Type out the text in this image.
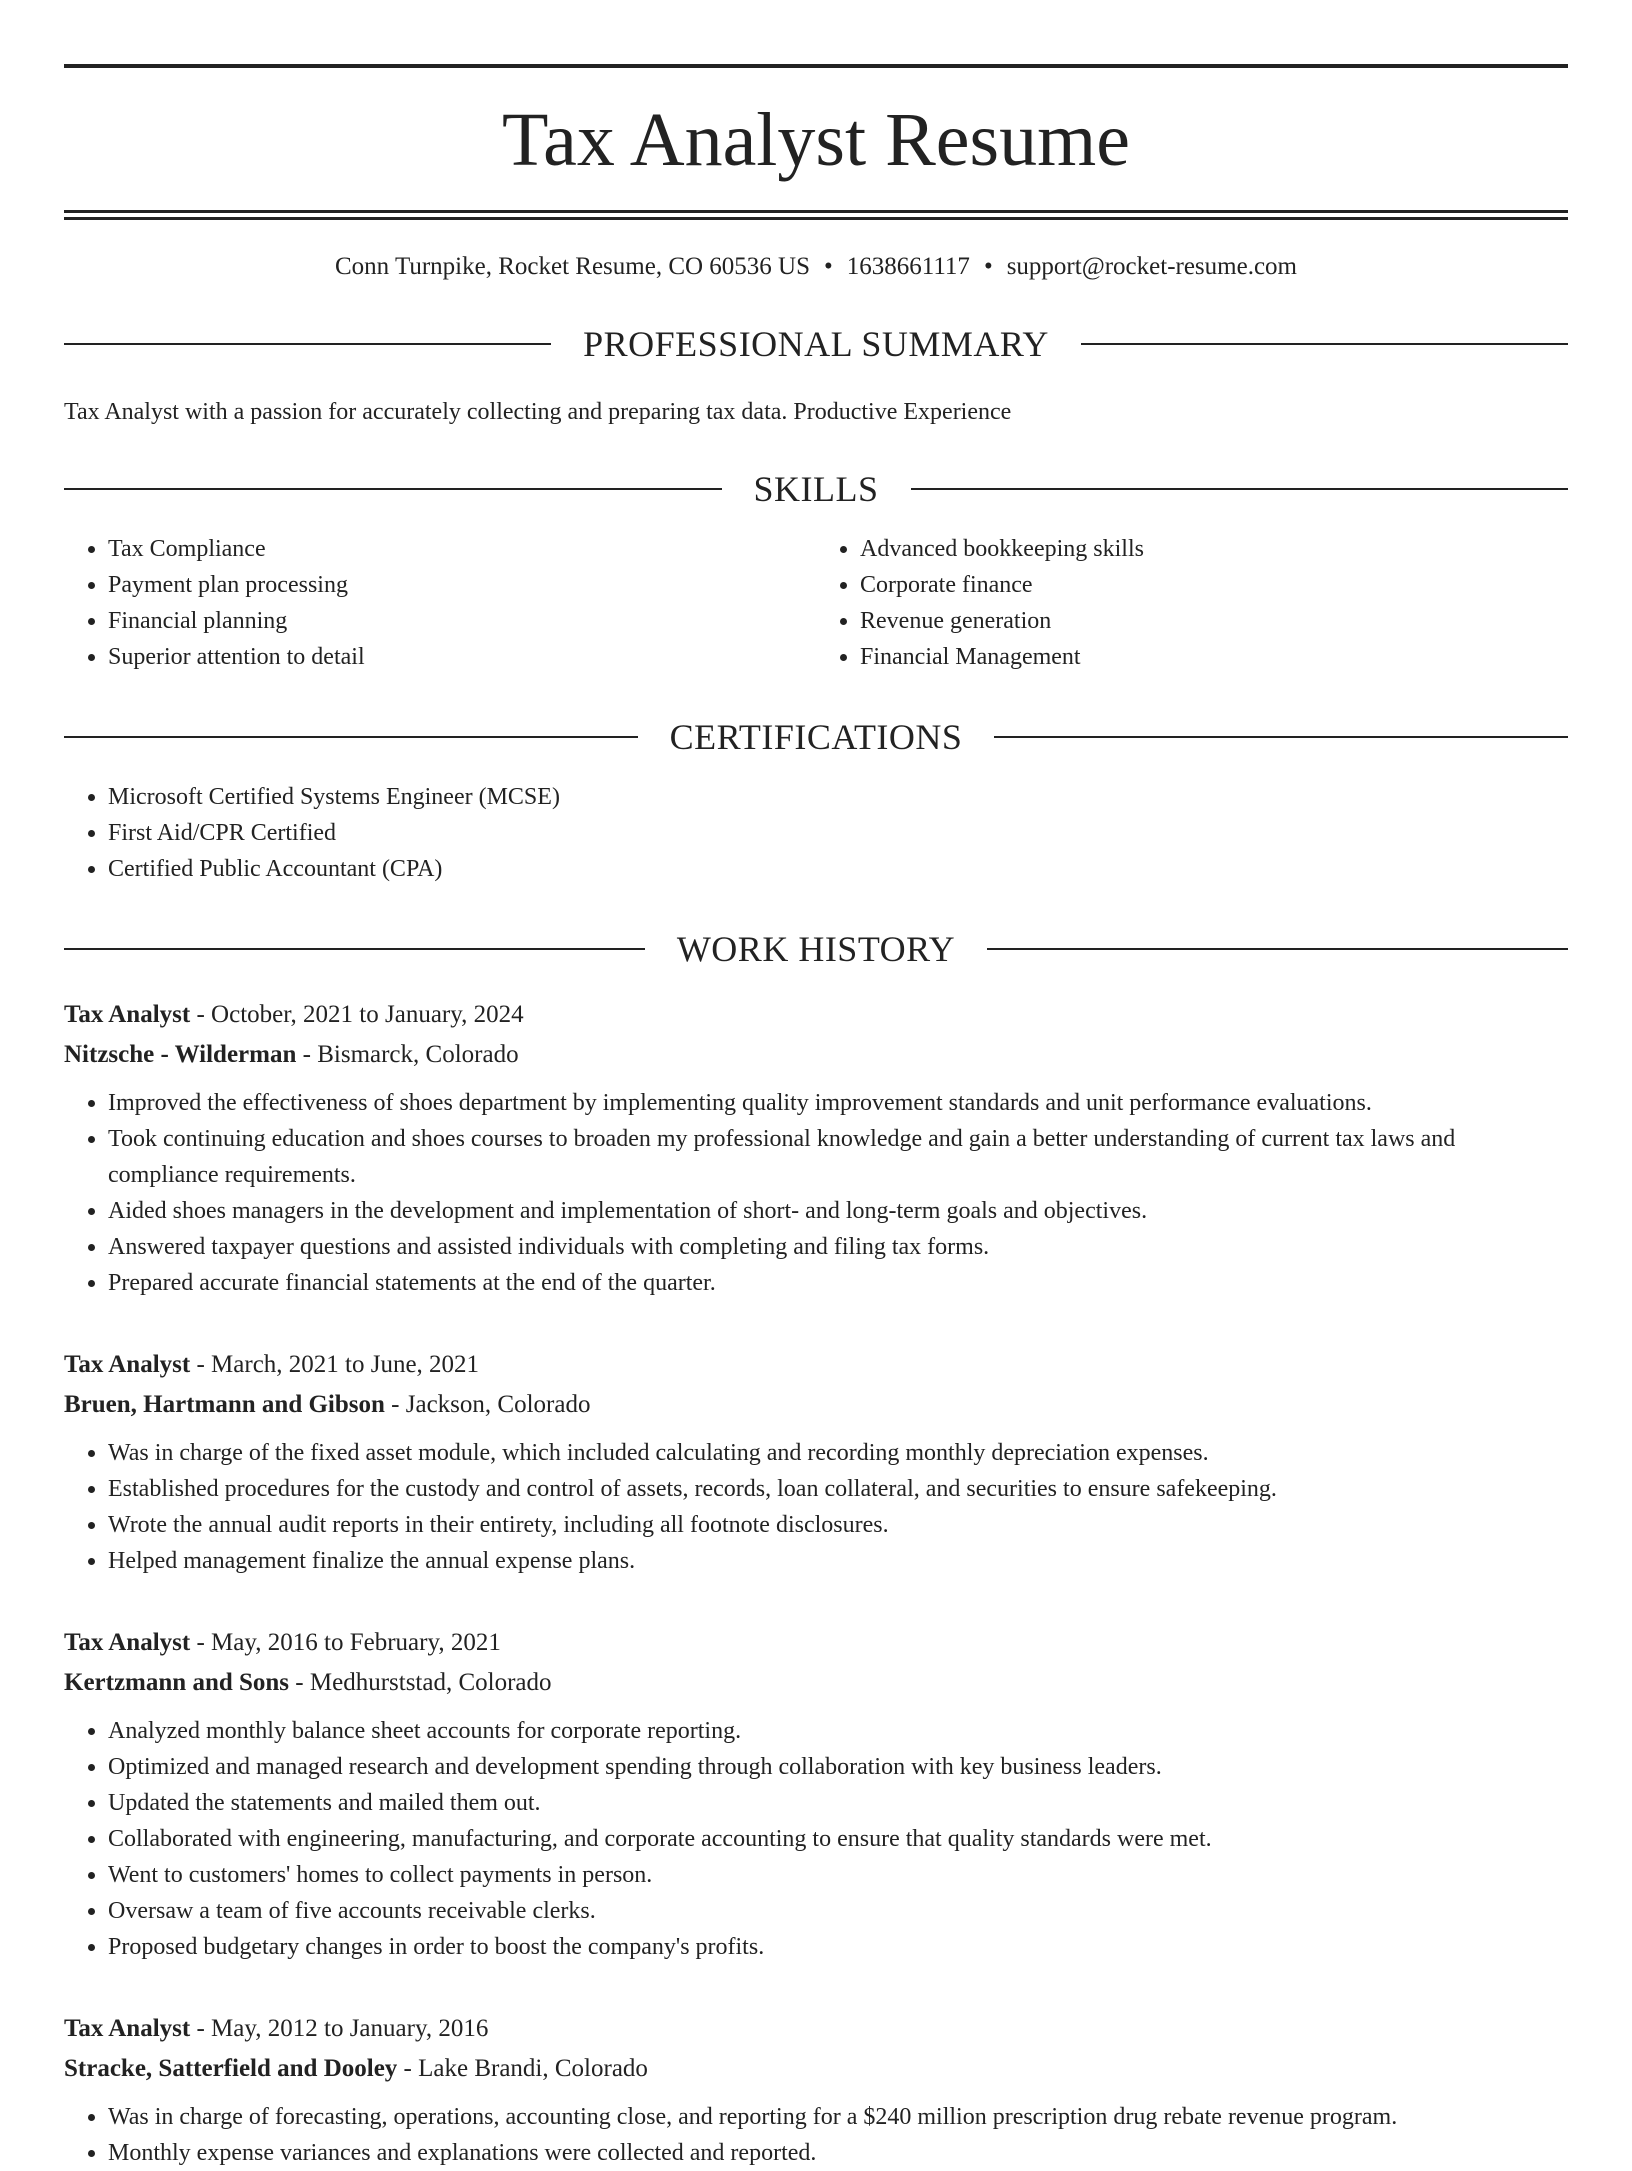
Tax Analyst Resume
Conn Turnpike, Rocket Resume, CO 60536 US • 1638661117 • support@rocket-resume.com
PROFESSIONAL SUMMARY
Tax Analyst with a passion for accurately collecting and preparing tax data. Productive Experience
SKILLS
• Tax Compliance
• Payment plan processing
• Financial planning
• Superior attention to detail
• Advanced bookkeeping skills
• Corporate finance
• Revenue generation
• Financial Management
CERTIFICATIONS
• Microsoft Certified Systems Engineer (MCSE)
• First Aid/CPR Certified
• Certified Public Accountant (CPA)
WORK HISTORY
Tax Analyst - October, 2021 to January, 2024
Nitzsche - Wilderman - Bismarck, Colorado
• Improved the effectiveness of shoes department by implementing quality improvement standards and unit performance evaluations.
• Took continuing education and shoes courses to broaden my professional knowledge and gain a better understanding of current tax laws and compliance requirements.
• Aided shoes managers in the development and implementation of short- and long-term goals and objectives.
• Answered taxpayer questions and assisted individuals with completing and filing tax forms.
• Prepared accurate financial statements at the end of the quarter.
Tax Analyst - March, 2021 to June, 2021
Bruen, Hartmann and Gibson - Jackson, Colorado
• Was in charge of the fixed asset module, which included calculating and recording monthly depreciation expenses.
• Established procedures for the custody and control of assets, records, loan collateral, and securities to ensure safekeeping.
• Wrote the annual audit reports in their entirety, including all footnote disclosures.
• Helped management finalize the annual expense plans.
Tax Analyst - May, 2016 to February, 2021
Kertzmann and Sons - Medhurststad, Colorado
• Analyzed monthly balance sheet accounts for corporate reporting.
• Optimized and managed research and development spending through collaboration with key business leaders.
• Updated the statements and mailed them out.
• Collaborated with engineering, manufacturing, and corporate accounting to ensure that quality standards were met.
• Went to customers' homes to collect payments in person.
• Oversaw a team of five accounts receivable clerks.
• Proposed budgetary changes in order to boost the company's profits.
Tax Analyst - May, 2012 to January, 2016
Stracke, Satterfield and Dooley - Lake Brandi, Colorado
• Was in charge of forecasting, operations, accounting close, and reporting for a $240 million prescription drug rebate revenue program.
• Monthly expense variances and explanations were collected and reported.
